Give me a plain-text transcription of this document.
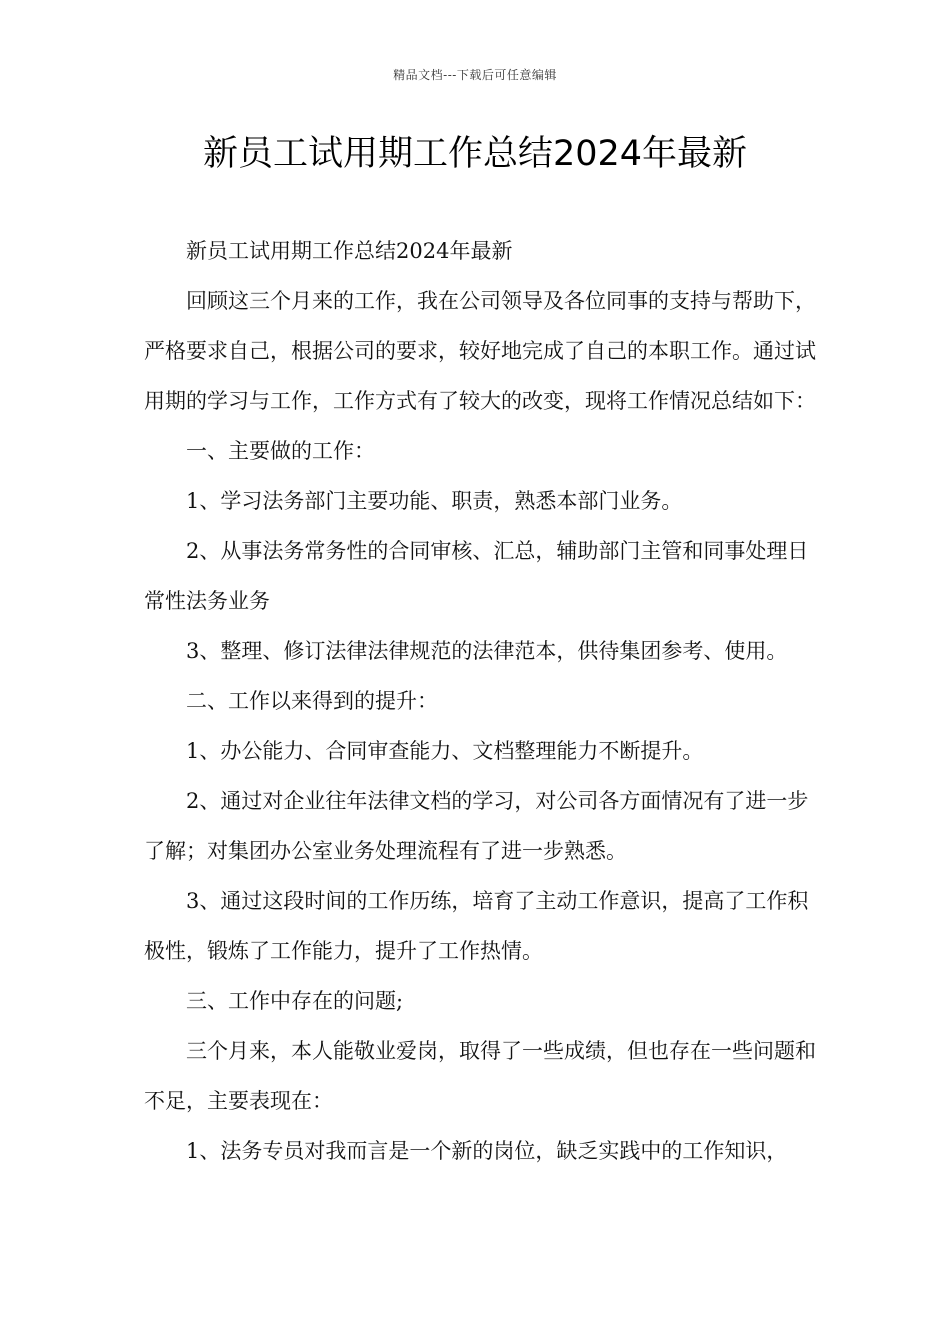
精品文档---下载后可任意编辑
新员工试用期工作总结2024年最新

新员工试用期工作总结2024年最新

回顾这三个月来的工作，我在公司领导及各位同事的支持与帮助下，严格要求自己，根据公司的要求，较好地完成了自己的本职工作。通过试用期的学习与工作，工作方式有了较大的改变，现将工作情况总结如下：

一、主要做的工作：

1、学习法务部门主要功能、职责，熟悉本部门业务。

2、从事法务常务性的合同审核、汇总，辅助部门主管和同事处理日常性法务业务

3、整理、修订法律法律规范的法律范本，供待集团参考、使用。

二、工作以来得到的提升：

1、办公能力、合同审查能力、文档整理能力不断提升。

2、通过对企业往年法律文档的学习，对公司各方面情况有了进一步了解；对集团办公室业务处理流程有了进一步熟悉。

3、通过这段时间的工作历练，培育了主动工作意识，提高了工作积极性，锻炼了工作能力，提升了工作热情。

三、工作中存在的问题;

三个月来，本人能敬业爱岗，取得了一些成绩，但也存在一些问题和不足，主要表现在：

1、法务专员对我而言是一个新的岗位，缺乏实践中的工作知识，
